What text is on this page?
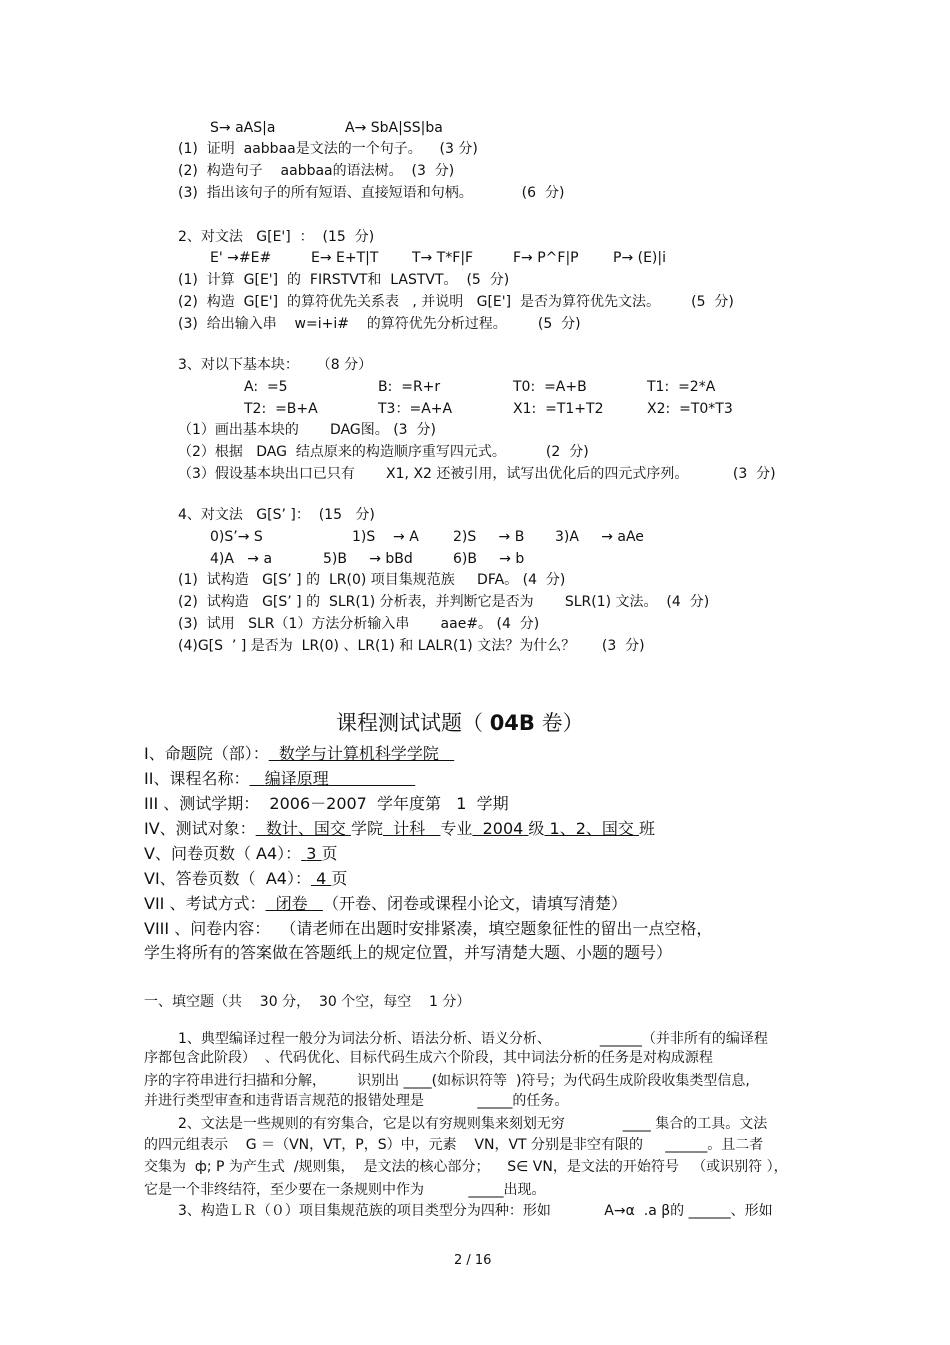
S→ aAS|a	A→ SbA|SS|ba
(1)  证明  aabbaa是文法的一个句子。    (3 分)
(2)  构造句子    aabbaa的语法树。  (3  分)
(3)  指出该句子的所有短语、直接短语和句柄。           (6  分)
2、对文法   G[E']  ：  (15  分)
E' →#E#	E→ E+T|T T→ T*F|F	F→ P^F|P P→ (E)|i
(1)  计算  G[E']  的  FIRSTVT和  LASTVT。  (5  分)
(2)  构造  G[E']  的算符优先关系表   , 并说明   G[E']  是否为算符优先文法。       (5  分)
(3)  给出输入串    w=i+i#    的算符优先分析过程。       (5  分)
3、对以下基本块：    （8 分）
A:  =5	B:  =R+r	T0:  =A+B	T1:  =2*A
T2:  =B+A	T3：=A+A	X1:  =T1+T2	X2:  =T0*T3
（1）画出基本块的       DAG图。 (3  分)
（2）根据   DAG  结点原来的构造顺序重写四元式。         (2  分)
（3）假设基本块出口已只有       X1, X2 还被引用，试写出优化后的四元式序列。          (3  分)
4、对文法   G[S’ ]：  (15   分)
0)S’→ S	1)S    → A 2)S     → B 3)A     → aAe
4)A   → a	5)B     → bBd	6)B     → b
(1)  试构造   G[S’ ] 的  LR(0) 项目集规范族     DFA。 (4  分)
(2)  试构造   G[S’ ] 的  SLR(1) 分析表，并判断它是否为       SLR(1) 文法。  (4  分)
(3)  试用   SLR（1）方法分析输入串       aae#。 (4  分)
(4)G[S  ’ ] 是否为  LR(0) 、LR(1) 和 LALR(1) 文法？为什么？      (3  分)
课程测试试题（ 04B 卷）
I、命题院（部）： 数学与计算机科学学院
II、课程名称： 编译原理
III 、测试学期：  2006－2007  学年度第   1  学期
IV、测试对象： 数计、国交 学院 计科 专业 2004 级 1、2、国交 班
V、问卷页数（ A4）： 3 页
VI、答卷页数（  A4）： 4 页
VII 、考试方式： 闭卷 （开卷、闭卷或课程小论文，请填写清楚）
VIII 、问卷内容：  （请老师在出题时安排紧凑，填空题象征性的留出一点空格，
学生将所有的答案做在答题纸上的规定位置，并写清楚大题、小题的题号）
一、填空题（共    30 分，  30 个空，每空    1 分）
1、典型编译过程一般分为词法分析、语法分析、语义分析、           ______（并非所有的编译程
序都包含此阶段）  、代码优化、目标代码生成六个阶段，其中词法分析的任务是对构成源程
序的字符串进行扫描和分解，       识别出 ____(如标识符等  )符号；为代码生成阶段收集类型信息,
并进行类型审查和违背语言规范的报错处理是            _____的任务。
2、文法是一些规则的有穷集合，它是以有穷规则集来刻划无穷             ____ 集合的工具。文法
的四元组表示    G ＝（VN，VT，P，S）中，元素    VN，VT 分别是非空有限的     ______。且二者
交集为  ф; P 为产生式  /规则集，  是文法的核心部分；    S∈ VN，是文法的开始符号   （或识别符 ），
它是一个非终结符，至少要在一条规则中作为          _____出现。
3、构造ＬＲ（０）项目集规范族的项目类型分为四种：形如            A→α  .a β的 ______、形如
2 / 16
